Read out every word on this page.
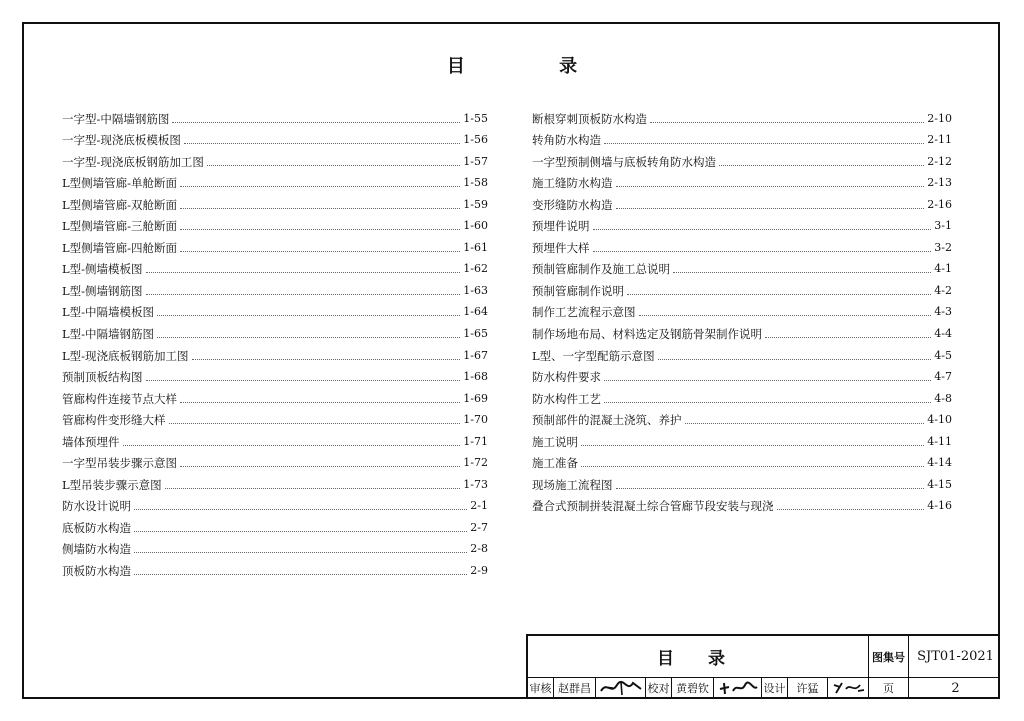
目 录
一字型-中隔墙钢筋图	1-55
一字型-现浇底板模板图	1-56
一字型-现浇底板钢筋加工图	1-57
L型侧墙管廊-单舱断面	1-58
L型侧墙管廊-双舱断面	1-59
L型侧墙管廊-三舱断面	1-60
L型侧墙管廊-四舱断面	1-61
L型-侧墙模板图	1-62
L型-侧墙钢筋图	1-63
L型-中隔墙模板图	1-64
L型-中隔墙钢筋图	1-65
L型-现浇底板钢筋加工图	1-67
预制顶板结构图	1-68
管廊构件连接节点大样	1-69
管廊构件变形缝大样	1-70
墙体预埋件	1-71
一字型吊装步骤示意图	1-72
L型吊装步骤示意图	1-73
防水设计说明	2-1
底板防水构造	2-7
侧墙防水构造	2-8
顶板防水构造	2-9
断根穿刺顶板防水构造	2-10
转角防水构造	2-11
一字型预制侧墙与底板转角防水构造	2-12
施工缝防水构造	2-13
变形缝防水构造	2-16
预埋件说明	3-1
预埋件大样	3-2
预制管廊制作及施工总说明	4-1
预制管廊制作说明	4-2
制作工艺流程示意图	4-3
制作场地布局、材料选定及钢筋骨架制作说明	4-4
L型、一字型配筋示意图	4-5
防水构件要求	4-7
防水构件工艺	4-8
预制部件的混凝土浇筑、养护	4-10
施工说明	4-11
施工准备	4-14
现场施工流程图	4-15
叠合式预制拼装混凝土综合管廊节段安装与现浇	4-16
目 录	图集号 SJT01-2021
审核 赵群昌	校对 黄碧钦	设计	许猛	页	2
